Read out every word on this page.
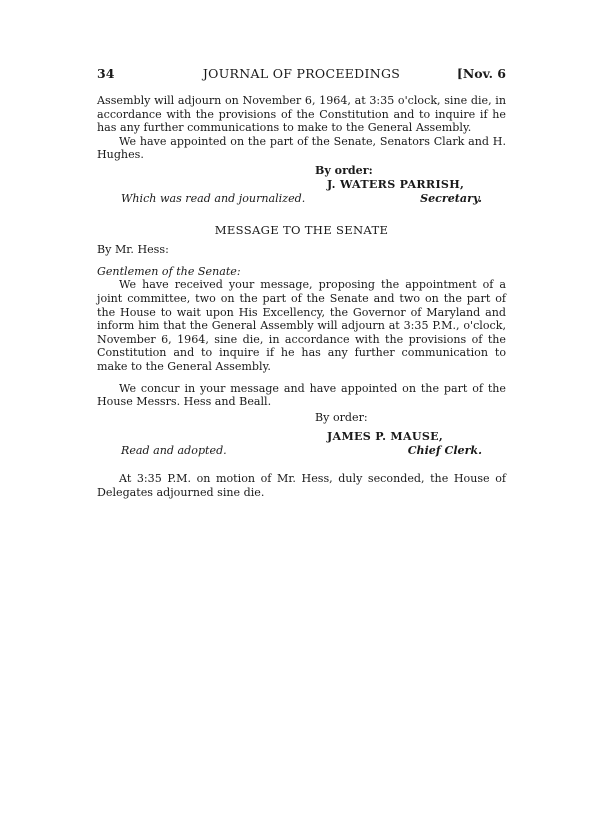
34	JOURNAL OF PROCEEDINGS	[Nov. 6

Assembly will adjourn on November 6, 1964, at 3:35 o'clock, sine die, in accordance with the provisions of the Constitution and to inquire if he has any further communications to make to the General Assembly.

We have appointed on the part of the Senate, Senators Clark and H. Hughes.

By order:
J. WATERS PARRISH,
Which was read and journalized.	Secretary.
MESSAGE TO THE SENATE

By Mr. Hess:

Gentlemen of the Senate:

We have received your message, proposing the appointment of a joint committee, two on the part of the Senate and two on the part of the House to wait upon His Excellency, the Governor of Maryland and inform him that the General Assembly will adjourn at 3:35 P.M., o'clock, November 6, 1964, sine die, in accordance with the provisions of the Constitution and to inquire if he has any further communication to make to the General Assembly.

We concur in your message and have appointed on the part of the House Messrs. Hess and Beall.

By order:
JAMES P. MAUSE,
Read and adopted.	Chief Clerk.

At 3:35 P.M. on motion of Mr. Hess, duly seconded, the House of Delegates adjourned sine die.
